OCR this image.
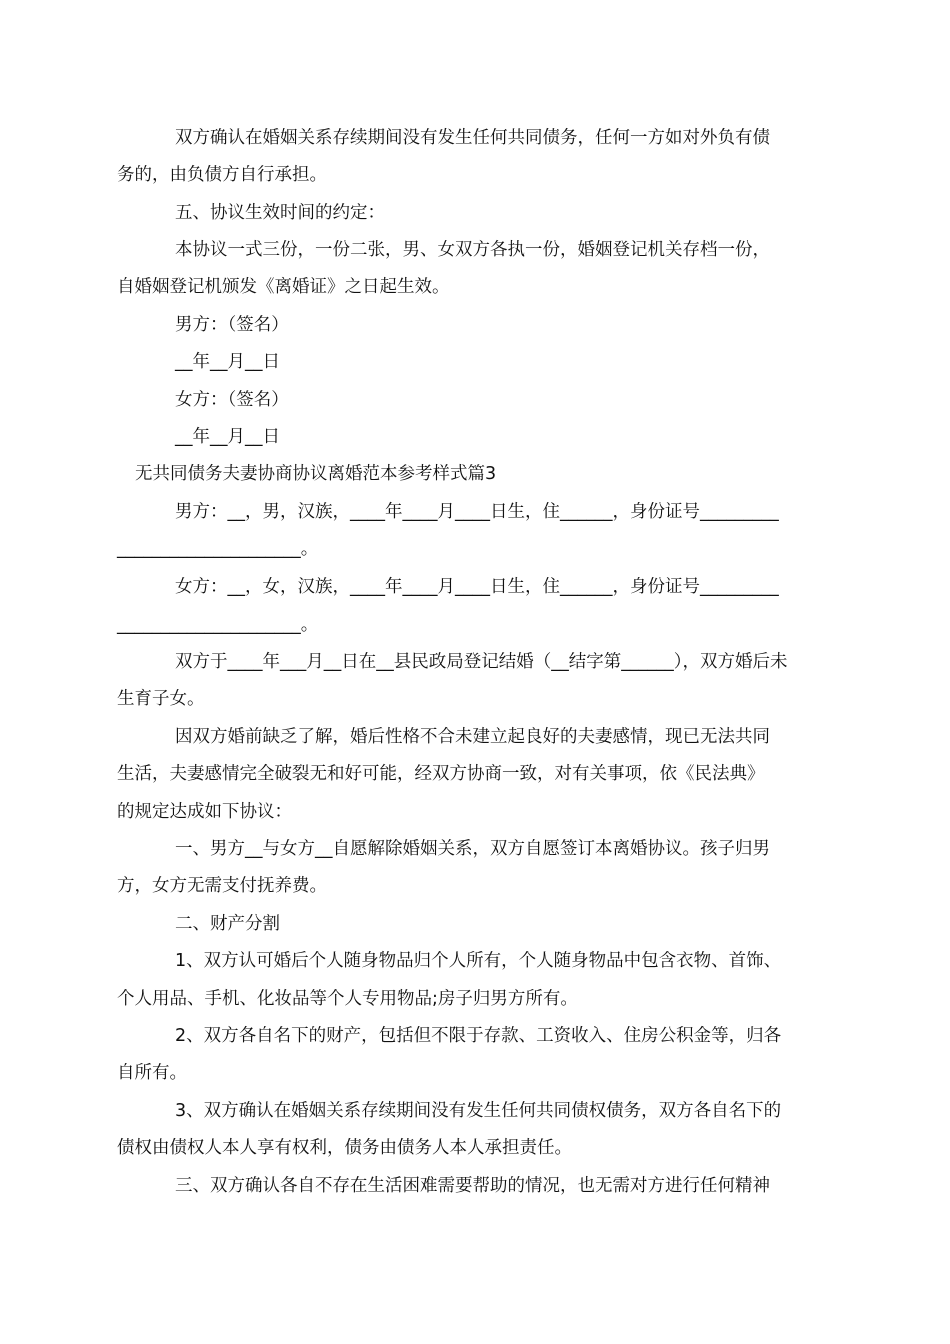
双方确认在婚姻关系存续期间没有发生任何共同债务，任何一方如对外负有债
务的，由负债方自行承担。
五、协议生效时间的约定：
本协议一式三份，一份二张，男、女双方各执一份，婚姻登记机关存档一份，
自婚姻登记机颁发《离婚证》之日起生效。
男方：（签名）
__年__月__日
女方：（签名）
__年__月__日
无共同债务夫妻协商协议离婚范本参考样式篇3
男方：__，男，汉族，____年____月____日生，住______，身份证号_________
_____________________。
女方：__，女，汉族，____年____月____日生，住______，身份证号_________
_____________________。
双方于____年___月__日在__县民政局登记结婚（__结字第______），双方婚后未
生育子女。
因双方婚前缺乏了解，婚后性格不合未建立起良好的夫妻感情，现已无法共同
生活，夫妻感情完全破裂无和好可能，经双方协商一致，对有关事项，依《民法典》
的规定达成如下协议：
一、男方__与女方__自愿解除婚姻关系，双方自愿签订本离婚协议。孩子归男
方，女方无需支付抚养费。
二、财产分割
1、双方认可婚后个人随身物品归个人所有，个人随身物品中包含衣物、首饰、
个人用品、手机、化妆品等个人专用物品;房子归男方所有。
2、双方各自名下的财产，包括但不限于存款、工资收入、住房公积金等，归各
自所有。
3、双方确认在婚姻关系存续期间没有发生任何共同债权债务，双方各自名下的
债权由债权人本人享有权利，债务由债务人本人承担责任。
三、双方确认各自不存在生活困难需要帮助的情况，也无需对方进行任何精神
